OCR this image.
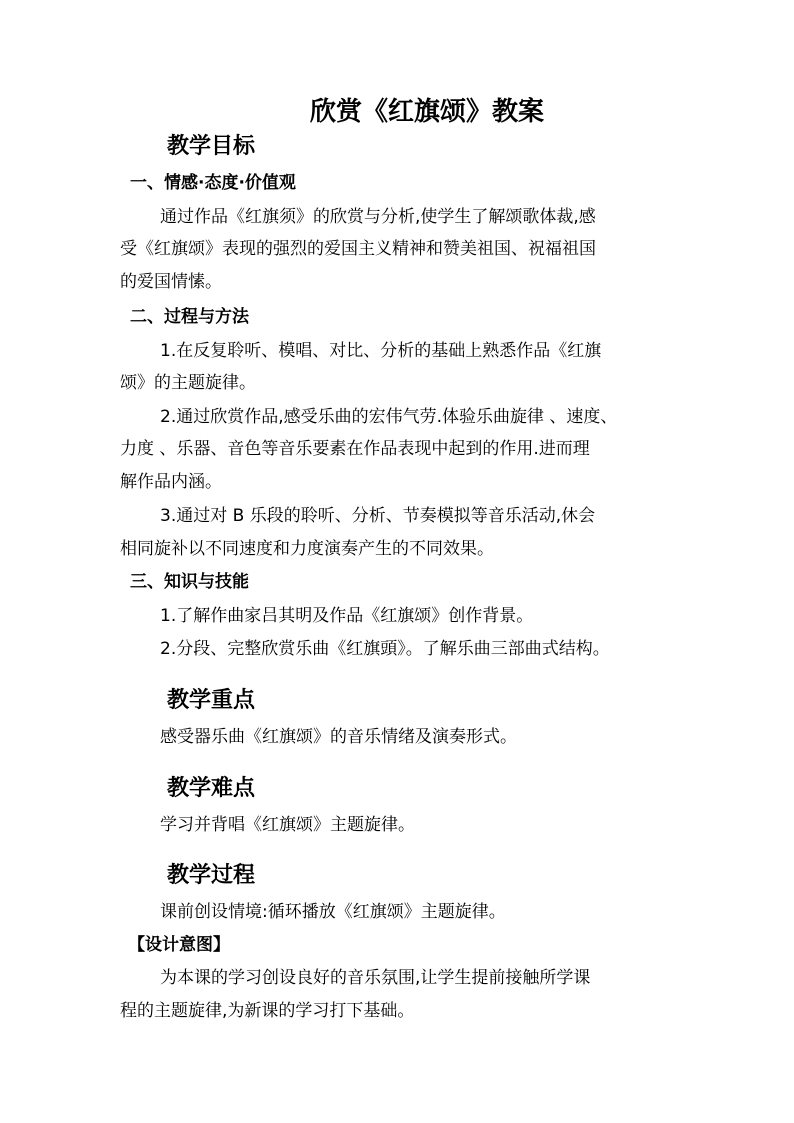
欣赏《红旗颂》教案
教学目标
一、情感·态度·价值观
通过作品《红旗须》的欣赏与分析,使学生了解颂歌体裁,感
受《红旗颂》表现的强烈的爱国主义精神和赞美祖国、祝福祖国
的爱国情愫。
二、过程与方法
1.在反复聆听、模唱、对比、分析的基础上熟悉作品《红旗
颂》的主题旋律。
2.通过欣赏作品,感受乐曲的宏伟气劳.体验乐曲旋律 、速度、
力度 、乐器、音色等音乐要素在作品表现中起到的作用.进而理
解作品内涵。
3.通过对 B 乐段的聆听、分析、节奏模拟等音乐活动,休会
相同旋补以不同速度和力度演奏产生的不同效果。
三、知识与技能
1.了解作曲家吕其明及作品《红旗颂》创作背景。
2.分段、完整欣赏乐曲《红旗頭》。了解乐曲三部曲式结构。
教学重点
感受器乐曲《红旗颂》的音乐情绪及演奏形式。
教学难点
学习并背唱《红旗颂》主题旋律。
教学过程
课前创设情境:循环播放《红旗颂》主题旋律。
【设计意图】
为本课的学习创设良好的音乐氛围,让学生提前接触所学课
程的主题旋律,为新课的学习打下基础。
